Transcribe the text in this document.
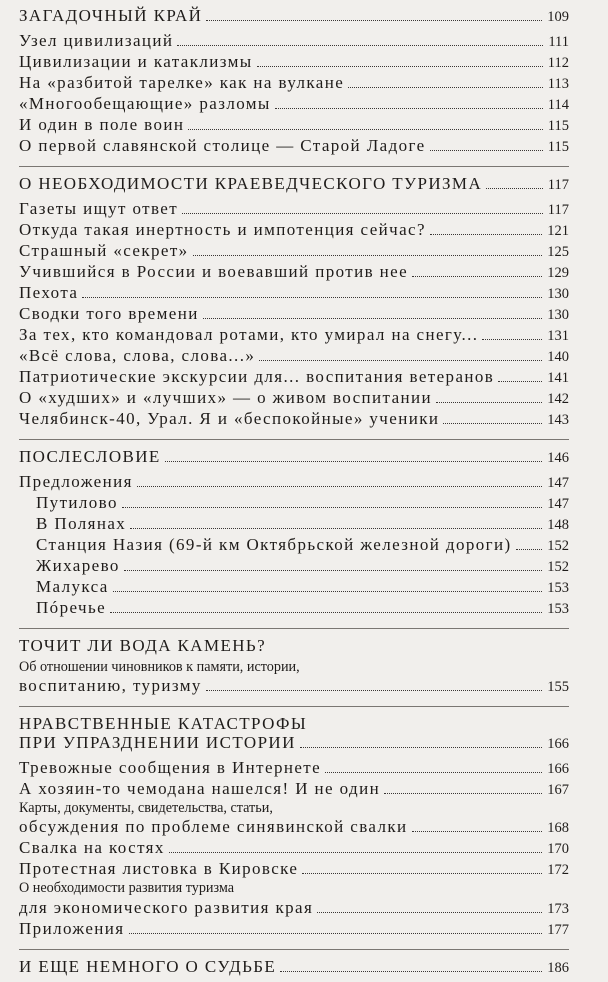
ЗАГАДОЧНЫЙ КРАЙ	109
Узел цивилизаций	111
Цивилизации и катаклизмы	112
На «разбитой тарелке» как на вулкане	113
«Многообещающие» разломы	114
И один в поле воин	115
О первой славянской столице — Старой Ладоге	115
О НЕОБХОДИМОСТИ КРАЕВЕДЧЕСКОГО ТУРИЗМА	117
Газеты ищут ответ	117
Откуда такая инертность и импотенция сейчас?	121
Страшный «секрет»	125
Учившийся в России и воевавший против нее	129
Пехота	130
Сводки того времени	130
За тех, кто командовал ротами, кто умирал на снегу...	131
«Всё слова, слова, слова...»	140
Патриотические экскурсии для... воспитания ветеранов	141
О «худших» и «лучших» — о живом воспитании	142
Челябинск-40, Урал. Я и «беспокойные» ученики	143
ПОСЛЕСЛОВИЕ	146
Предложения	147
Путилово	147
В Полянах	148
Станция Назия (69-й км Октябрьской железной дороги) 152
Жихарево	152
Малукса	153
Пóречье	153
ТОЧИТ ЛИ ВОДА КАМЕНЬ?
Об отношении чиновников к памяти, истории,
воспитанию, туризму	155
НРАВСТВЕННЫЕ КАТАСТРОФЫ
ПРИ УПРАЗДНЕНИИ ИСТОРИИ	166
Тревожные сообщения в Интернете	166
А хозяин-то чемодана нашелся! И не один	167
Карты, документы, свидетельства, статьи,
обсуждения по проблеме синявинской свалки	168
Свалка на костях	170
Протестная листовка в Кировске	172
О необходимости развития туризма
для экономического развития края	173
Приложения	177
И ЕЩЕ НЕМНОГО О СУДЬБЕ	186
